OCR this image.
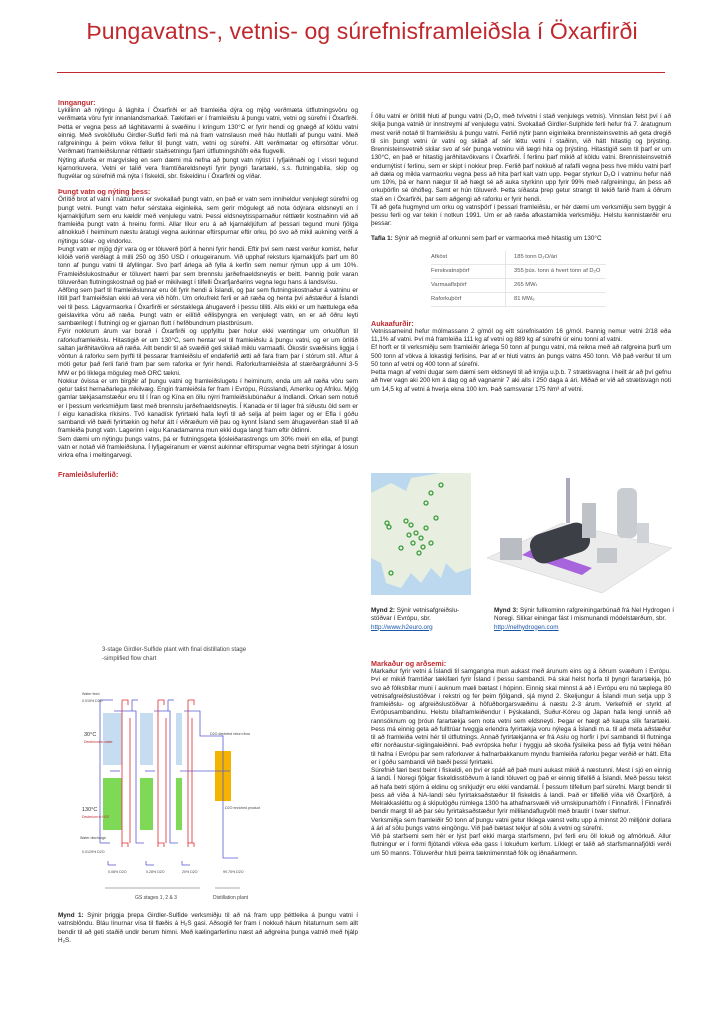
Þungavatns-, vetnis- og súrefnisframleiðsla í Öxarfirði
Inngangur:

Lykillinn að nýtingu á lághita í Öxarfirði er að framleiða dýra og mjög verðmæta útflutningsvöru og verðmæta vöru fyrir innanlandsmarkað. Tækifæri er í framleiðslu á þungu vatni, vetni og súrefni í Öxarfirði. Þetta er vegna þess að lághitavarmi á svæðinu í kringum 130°C er fyrir hendi og gnægð af köldu vatni einnig. Með svokölluðu Girdler-Sulfid ferli má ná fram vatnslausn með háu hlutfalli af þungu vatni. Með rafgreiningu á þeim vökva fellur til þungt vatn, vetni og súrefni. Allt verðmætar og eftirsóttar vörur. Verðmæti framleiðslunnar réttlætir staðsetningu fjarri útflutningshöfn eða flugvelli.

Nýting afurða er margvísleg en sem dæmi má nefna að þungt vatn nýtist í lyfjaiðnaði og í vissri tegund kjarnorkuvera. Vetni er talið vera framtíðareldsneyti fyrir þyngri farartæki, s.s. flutningabíla, skip og flugvélar og súrefnið má nýta í fiskeldi, sbr. fiskeldinu í Öxarfirði og víðar.

Þungt vatn og nýting þess:

Örlítið brot af vatni í náttúrunni er svokallað þungt vatn, en það er vatn sem inniheldur venjulegt súrefni og þungt vetni. Þungt vatn hefur sérstaka eiginleika, sem gerir mögulegt að nota ódýrara eldsneyti en í kjarnakljúfum sem eru kældir með venjulegu vatni. Þessi eldsneytissparnaður réttlætir kostnaðinn við að framleiða þungt vatn á hreinu formi. Allar líkur eru á að kjarnakljúfum af þessari tegund muni fjölga allnokkuð í heiminum næstu áratugi vegna aukinnar eftirspurnar eftir orku, þó svo að mikil aukning verði á nýtingu sólar- og vindorku.

Þungt vatn er mjög dýr vara og er töluverð þörf á henni fyrir hendi. Eftir því sem næst verður komist, hefur kílóið verið verðlagt á milli 250 og 350 USD í orkugeiranum. Við upphaf reksturs kjarnakljúfs þarf um 80 tonn af þungu vatni til áfyllingar. Svo þarf árlega að fylla á kerfin sem nemur rýrnun upp á um 10%. Framleiðslukostnaður er töluvert hærri þar sem brennslu jarðefnaeldsneytis er beitt. Þannig þolir varan töluverðan flutningskostnað og það er mikilvægt í tilfelli Öxarfjarðarins vegna legu hans á landsvísu.

Aðföng sem þarf til framleiðslunnar eru öll fyrir hendi á Íslandi, og þar sem flutningskostnaður á vatninu er lítill þarf framleiðslan ekki að vera við höfn. Um orkufrekt ferli er að ræða og henta því aðstæður á Íslandi vel til þess. Lágvarmaorka í Öxarfirði er sérstaklega áhugaverð í þessu tilliti. Alls ekki er um hættulega eða geislavirka vöru að ræða. Þungt vatn er eilítið eðlisþyngra en venjulegt vatn, en er að öðru leyti sambærilegt í flutningi og er gjarnan flutt í hefðbundnum plastbrúsum.

Fyrir nokkrum árum var borað í Öxarfirði og uppfylltu þær holur ekki væntingar um orkuöflun til raforkuframleiðslu. Hitastigið er um 130°C, sem hentar vel til framleiðslu á þungu vatni, og er um örlítið saltan jarðhitavökva að ræða. Allt bendir til að svæðið geti skilað miklu varmaafli. Ókostir svæðisins liggja í vöntun á raforku sem þyrfti til þessarar framleiðslu ef endaferlið ætti að fara fram þar í stórum stíl. Aftur á móti getur það ferli farið fram þar sem raforka er fyrir hendi. Raforkuframleiðsla af stærðargráðunni 3-5 MW er þó líklega möguleg með ORC tækni.

Nokkur óvissa er um birgðir af þungu vatni og framleiðslugetu í heiminum, enda um að ræða vöru sem getur talist hernaðarlega mikilvæg. Engin framleiðsla fer fram í Evrópu, Rússlandi, Ameríku og Afríku. Mjög gamlar tækjasamstæður eru til í Íran og Kína en öllu nýrri framleiðslubúnaður á Indlandi. Orkan sem notuð er í þessum verksmiðjum fæst með brennslu jarðefnaeldsneytis. Í Kanada er til lager frá síðustu öld sem er í eigu kanadíska ríkisins. Tvö kanadísk fyrirtæki hafa leyfi til að selja af þeim lager og er Efla í góðu sambandi við bæði fyrirtækin og hefur átt í viðræðum við þau og kynnt Ísland sem áhugaverðan stað til að framleiða þungt vatn. Lagerinn í eigu Kanadamanna mun ekki duga langt fram eftir öldinni.

Sem dæmi um nýtingu þungs vatns, þá er flutningsgeta ljósleiðarastrengs um 30% meiri en ella, ef þungt vatn er notað við framleiðsluna. Í lyfjageiranum er vænst aukinnar eftirspurnar vegna betri stýringar á losun virkra efna í meltingarvegi.

Framleiðsluferlið:
3-stage Girdler-Sulfide plant with final distillation stage
-simplified flow chart
Water feed
0.015% D2O
30°C
Deuterium to water
130°C
Deuterium to H2S
Water discharge
0.0125% D2O
0.08% D2O	0.28% D2O	20% D2O
D2O depleted return flow
D2O enriched product
99.75% D2O
GS stages 1, 2 & 3	Distillation plant
Mynd 1: Sýnir þriggja þrepa Girdler-Sulfide verksmiðju til að ná fram upp þéttleika á þungu vatni í vatnsblöndu. Bláu línurnar vísa til flæðis á H₂S gasi. Aðsogið fer fram í nokkuð háum hitaturnum sem allt bendir til að geti staðið undir berum himni. Með kælingarferlinu næst að aðgreina þunga vatnið með hjálp H₂S.

Í öllu vatni er örlítill hluti af þungu vatni (D₂O, með tvívetni í stað venjulegs vetnis). Vinnslan felst því í að skilja þunga vatnið úr innstreymi af venjulegu vatni. Svokallað Girdler-Sulphide ferli hefur frá 7. áratugnum mest verið notað til framleiðslu á þungu vatni. Ferlið nýtir þann eiginleika brennisteinsvetnis að geta dregið til sín þungt vetni úr vatni og skilað af sér léttu vetni í staðinn, við hátt hitastig og þrýsting. Brennisteinsvetnið skilar svo af sér þunga vetninu við lægri hita og þrýsting. Hitastigið sem til þarf er um 130°C, en það er hitastig jarðhitavökvans í Öxarfirði. Í ferlinu þarf mikið af köldu vatni. Brennisteinsvetnið endurnýtist í ferlinu, sem er skipt í nokkur þrep. Ferlið þarf nokkuð af rafafli vegna þess hve miklu vatni þarf að dæla og mikla varmaorku vegna þess að hita þarf kalt vatn upp. Þegar styrkur D₂O í vatninu hefur náð um 10%, þá er hann nægur til að hægt sé að auka styrkinn upp fyrir 99% með rafgreiningu, án þess að orkuþörfin sé óhófleg. Samt er hún töluverð. Þetta síðasta þrep getur strangt til tekið farið fram á öðrum stað en í Öxarfirði, þar sem aðgengi að raforku er fyrir hendi.

Til að gefa hugmynd um orku og vatnsþörf í þessari framleiðslu, er hér dæmi um verksmiðju sem byggir á þessu ferli og var tekin í notkun 1991. Um er að ræða afkastamikla verksmiðju. Helstu kennistærðir eru þessar:

Tafla 1: Sýnir að megnið af orkunni sem þarf er varmaorka með hitastig um 130°C
Afköst	185 tonn D₂O/ári
Ferskvatnsþörf	355 þús. tonn á hvert tonn af D₂O
Varmaaflsþörf	265 MWₜ
Raforkuþörf	81 MWₑ
Aukaafurðir:

Vetnissameind hefur mólmassann 2 g/mól og eitt súrefnisatóm 16 g/mól. Þannig nemur vetni 2/18 eða 11,1% af vatni. Því má framleiða 111 kg af vetni og 889 kg af súrefni úr einu tonni af vatni.

Ef horft er til verksmiðju sem framleiðir árlega 50 tonn af þungu vatni, má reikna með að rafgreina þurfi um 500 tonn af vökva á lokastigi ferlisins. Þar af er hluti vatns án þungs vatns 450 tonn. Við það verður til um 50 tonn af vetni og 400 tonn af súrefni.

Þetta magn af vetni dugar sem dæmi sem eldsneyti til að knýja u.þ.b. 7 strætisvagna í heilt ár að því gefnu að hver vagn aki 200 km á dag og að vagnarnir 7 aki alls í 250 daga á ári. Miðað er við að strætisvagn noti um 14,5 kg af vetni á hverja ekna 100 km. Það samsvarar 175 Nm³ af vetni.

Mynd 2: Sýnir vetnisafgreiðslu-stöðvar í Evrópu, sbr.
http://www.h2euro.org
Mynd 3: Sýnir fullkominn rafgreiningarbúnað frá Nel Hydrogen í Noregi. Slíkar einingar fást í mismunandi módelstærðum, sbr.
http://nelhydrogen.com
Markaður og arðsemi:

Markaður fyrir vetni á Íslandi til samgangna mun aukast með árunum eins og á öðrum svæðum í Evrópu. Því er mikið framtíðar tækifæri fyrir Ísland í þessu sambandi. Þá skal helst horfa til þyngri farartækja, þó svo að fólksbílar muni í auknum mæli bætast í hópinn. Einnig skal minnst á að í Evrópu eru nú tæplega 80 vetnisafgreiðslustöðvar í rekstri og fer þeim fjölgandi, sjá mynd 2. Skeljungur á Íslandi mun setja upp 3 framleiðslu- og afgreiðslustöðvar á höfuðborgarsvæðinu á næstu 2-3 árum. Verkefnið er styrkt af Evrópusambandinu. Helstu bílaframleiðendur í Þýskalandi, Suður-Kóreu og Japan hafa lengi unnið að rannsóknum og þróun farartækja sem nota vetni sem eldsneyti. Þegar er hægt að kaupa slík farartæki. Þess má einnig geta að fulltrúar tveggja erlendra fyrirtækja voru nýlega á Íslandi m.a. til að meta aðstæður til að framleiða vetni hér til útflutnings. Annað fyrirtækjanna er frá Asíu og horfir í því sambandi til flutninga eftir norðaustur-siglingaleiðinni. Það evrópska hefur í hyggju að skoða fýsileika þess að flytja vetni héðan til hafna í Evrópu þar sem raforkuver á hafnarbakkanum myndu framleiða raforku þegar verðið er hátt. Efla er í góðu sambandi við bæði þessi fyrirtæki.

Súrefnið færi best beint í fiskeldi, en því er spáð að það muni aukast mikið á næstunni. Mest í sjó en einnig á landi. Í Noregi fjölgar fiskeldisstöðvum á landi töluvert og það er einnig tilfellið á Íslandi. Með þessu tekst að hafa betri stjórn á eldinu og sníkjudýr eru ekki vandamál. Í þessum tilfellum þarf súrefni. Margt bendir til þess að víða á NA-landi séu fyrirtaksaðstæður til fiskeldis á landi. Það er tilfellið víða við Öxarfjörð, á Melrakkasléttu og á skipulögðu rúmlega 1300 ha athafnarsvæði við umskipunarhöfn í Finnafirði. Í Finnafirði bendir margt til að þar séu fyrirtaksaðstæður fyrir millilandaflugvöll með brautir í tvær stefnur.

Verksmiðja sem framleiðir 50 tonn af þungu vatni getur líklega vænst veltu upp á minnst 20 milljónir dollara á ári af sölu þungs vatns eingöngu. Við það bætast tekjur af sölu á vetni og súrefni.

Við þá starfsemi sem hér er lýst þarf ekki marga starfsmenn, því ferli eru öll lokuð og afmörkuð. Allur flutningur er í formi fljótandi vökva eða gass í lokuðum kerfum. Líklegt er talið að starfsmannafjöldi verði um 50 manns. Töluverður hluti þeirra tæknimenntað fólk og iðnaðarmenn.
